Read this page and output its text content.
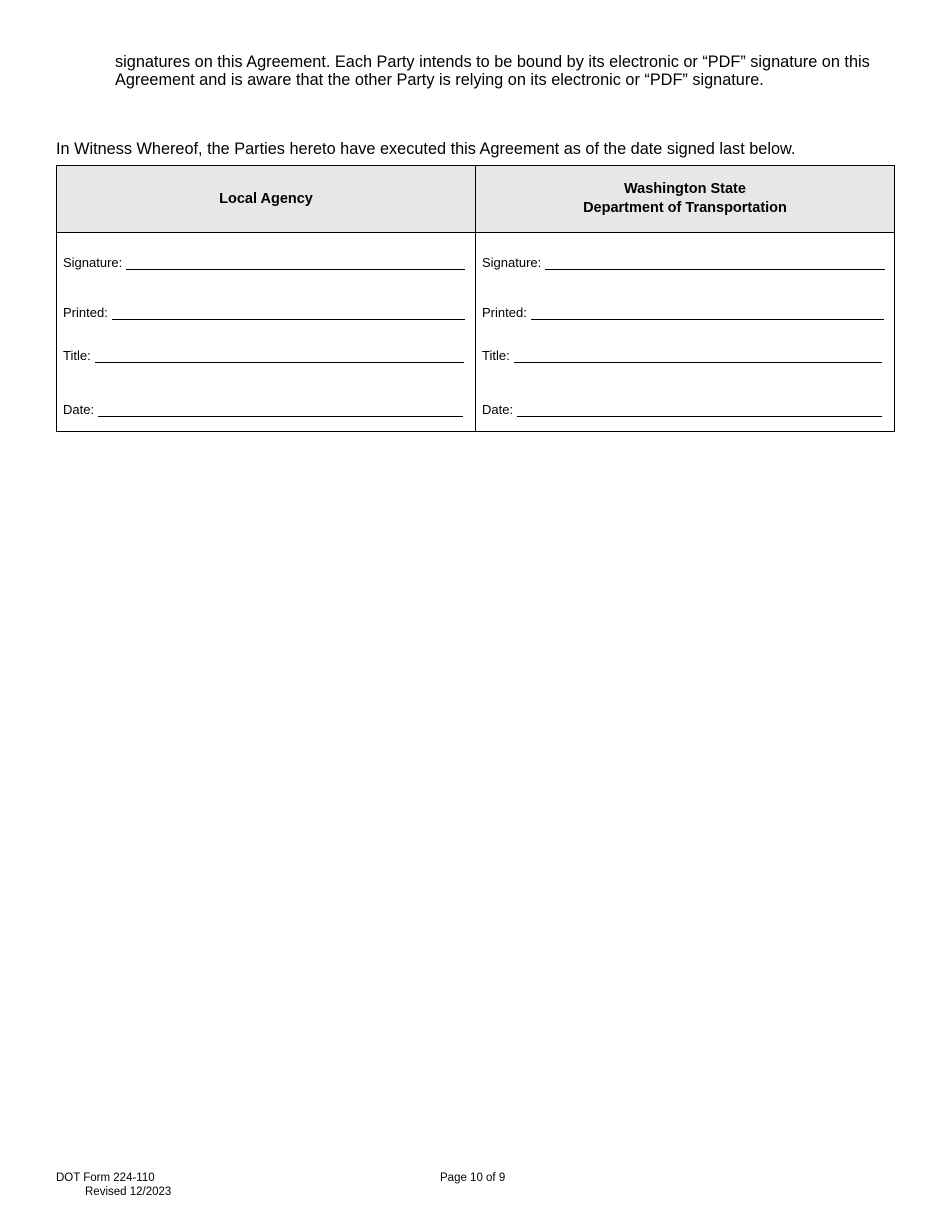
signatures on this Agreement. Each Party intends to be bound by its electronic or “PDF” signature on this Agreement and is aware that the other Party is relying on its electronic or “PDF” signature.
In Witness Whereof, the Parties hereto have executed this Agreement as of the date signed last below.
Local Agency
Washington State
Department of Transportation
Signature:
Printed:
Title:
Date:
Signature:
Printed:
Title:
Date:
DOT Form 224-110
Revised 12/2023
Page 10 of 9
